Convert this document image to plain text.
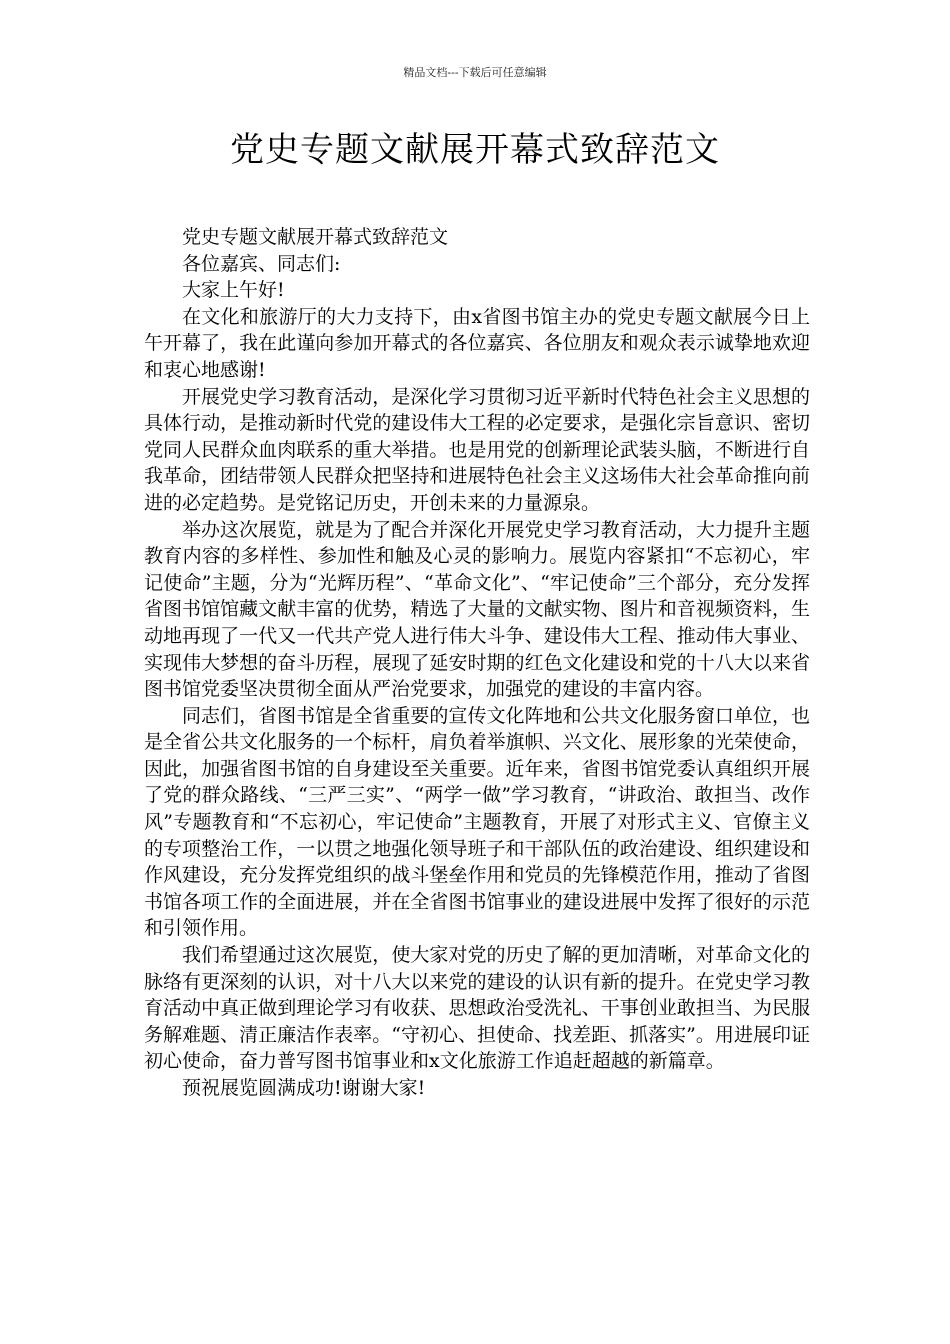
精品文档---下载后可任意编辑
党史专题文献展开幕式致辞范文

党史专题文献展开幕式致辞范文

各位嘉宾、同志们:

大家上午好!

在文化和旅游厅的大力支持下，由x省图书馆主办的党史专题文献展今日上午开幕了，我在此谨向参加开幕式的各位嘉宾、各位朋友和观众表示诚挚地欢迎和衷心地感谢!

开展党史学习教育活动，是深化学习贯彻习近平新时代特色社会主义思想的具体行动，是推动新时代党的建设伟大工程的必定要求，是强化宗旨意识、密切党同人民群众血肉联系的重大举措。也是用党的创新理论武装头脑，不断进行自我革命，团结带领人民群众把坚持和进展特色社会主义这场伟大社会革命推向前进的必定趋势。是党铭记历史，开创未来的力量源泉。

举办这次展览，就是为了配合并深化开展党史学习教育活动，大力提升主题教育内容的多样性、参加性和触及心灵的影响力。展览内容紧扣“不忘初心，牢记使命”主题，分为“光辉历程”、“革命文化”、“牢记使命”三个部分，充分发挥省图书馆馆藏文献丰富的优势，精选了大量的文献实物、图片和音视频资料，生动地再现了一代又一代共产党人进行伟大斗争、建设伟大工程、推动伟大事业、实现伟大梦想的奋斗历程，展现了延安时期的红色文化建设和党的十八大以来省图书馆党委坚决贯彻全面从严治党要求，加强党的建设的丰富内容。

同志们，省图书馆是全省重要的宣传文化阵地和公共文化服务窗口单位，也是全省公共文化服务的一个标杆，肩负着举旗帜、兴文化、展形象的光荣使命，因此，加强省图书馆的自身建设至关重要。近年来，省图书馆党委认真组织开展了党的群众路线、“三严三实”、“两学一做”学习教育，“讲政治、敢担当、改作风”专题教育和“不忘初心，牢记使命”主题教育，开展了对形式主义、官僚主义的专项整治工作，一以贯之地强化领导班子和干部队伍的政治建设、组织建设和作风建设，充分发挥党组织的战斗堡垒作用和党员的先锋模范作用，推动了省图书馆各项工作的全面进展，并在全省图书馆事业的建设进展中发挥了很好的示范和引领作用。

我们希望通过这次展览，使大家对党的历史了解的更加清晰，对革命文化的脉络有更深刻的认识，对十八大以来党的建设的认识有新的提升。在党史学习教育活动中真正做到理论学习有收获、思想政治受洗礼、干事创业敢担当、为民服务解难题、清正廉洁作表率。“守初心、担使命、找差距、抓落实”。用进展印证初心使命，奋力普写图书馆事业和x文化旅游工作追赶超越的新篇章。

预祝展览圆满成功!谢谢大家!
